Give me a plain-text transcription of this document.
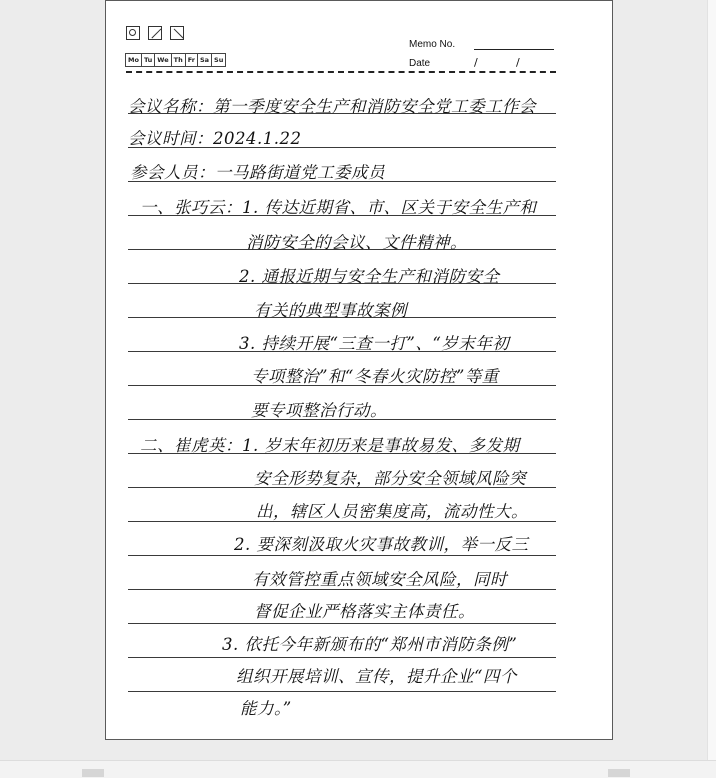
Mo Tu We Th Fr Sa Su
Memo No.
Date	/	/
会议名称：第一季度安全生产和消防安全党工委工作会
会议时间：2024.1.22
参会人员：一马路街道党工委成员
一、张巧云：1. 传达近期省、市、区关于安全生产和
消防安全的会议、文件精神。
2. 通报近期与安全生产和消防安全
有关的典型事故案例
3. 持续开展“三查一打”、“岁末年初
专项整治”和“冬春火灾防控”等重
要专项整治行动。
二、崔虎英：1. 岁末年初历来是事故易发、多发期
安全形势复杂，部分安全领域风险突
出，辖区人员密集度高，流动性大。
2. 要深刻汲取火灾事故教训，举一反三
有效管控重点领域安全风险，同时
督促企业严格落实主体责任。
3. 依托今年新颁布的“郑州市消防条例”
组织开展培训、宣传，提升企业“四个
能力。”
